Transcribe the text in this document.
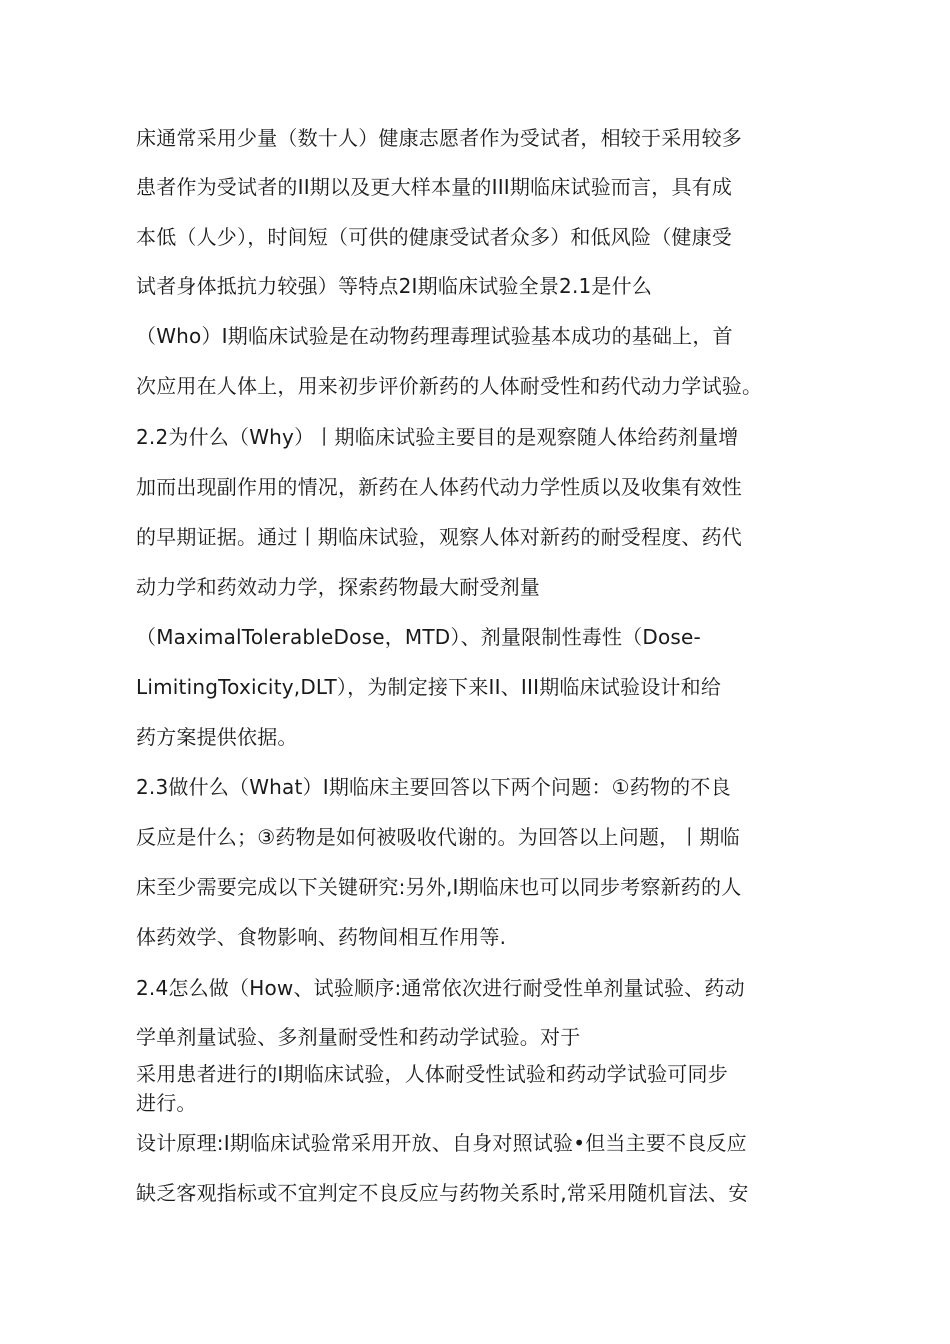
床通常采用少量（数十人）健康志愿者作为受试者，相较于采用较多
患者作为受试者的II期以及更大样本量的III期临床试验而言，具有成
本低（人少），时间短（可供的健康受试者众多）和低风险（健康受
试者身体抵抗力较强）等特点2I期临床试验全景2.1是什么
（Who）I期临床试验是在动物药理毒理试验基本成功的基础上，首
次应用在人体上，用来初步评价新药的人体耐受性和药代动力学试验。
2.2为什么（Why）丨期临床试验主要目的是观察随人体给药剂量增
加而出现副作用的情况，新药在人体药代动力学性质以及收集有效性
的早期证据。通过丨期临床试验，观察人体对新药的耐受程度、药代
动力学和药效动力学，探索药物最大耐受剂量
（MaximalTolerableDose，MTD）、剂量限制性毒性（Dose-
LimitingToxicity,DLT），为制定接下来II、III期临床试验设计和给
药方案提供依据。
2.3做什么（What）I期临床主要回答以下两个问题：①药物的不良
反应是什么；③药物是如何被吸收代谢的。为回答以上问题，丨期临
床至少需要完成以下关键研究:另外,I期临床也可以同步考察新药的人
体药效学、食物影响、药物间相互作用等.
2.4怎么做（How、试验顺序:通常依次进行耐受性单剂量试验、药动
学单剂量试验、多剂量耐受性和药动学试验。对于
采用患者进行的I期临床试验，人体耐受性试验和药动学试验可同步
进行。
设计原理:I期临床试验常采用开放、自身对照试验•但当主要不良反应
缺乏客观指标或不宜判定不良反应与药物关系时,常采用随机盲法、安
